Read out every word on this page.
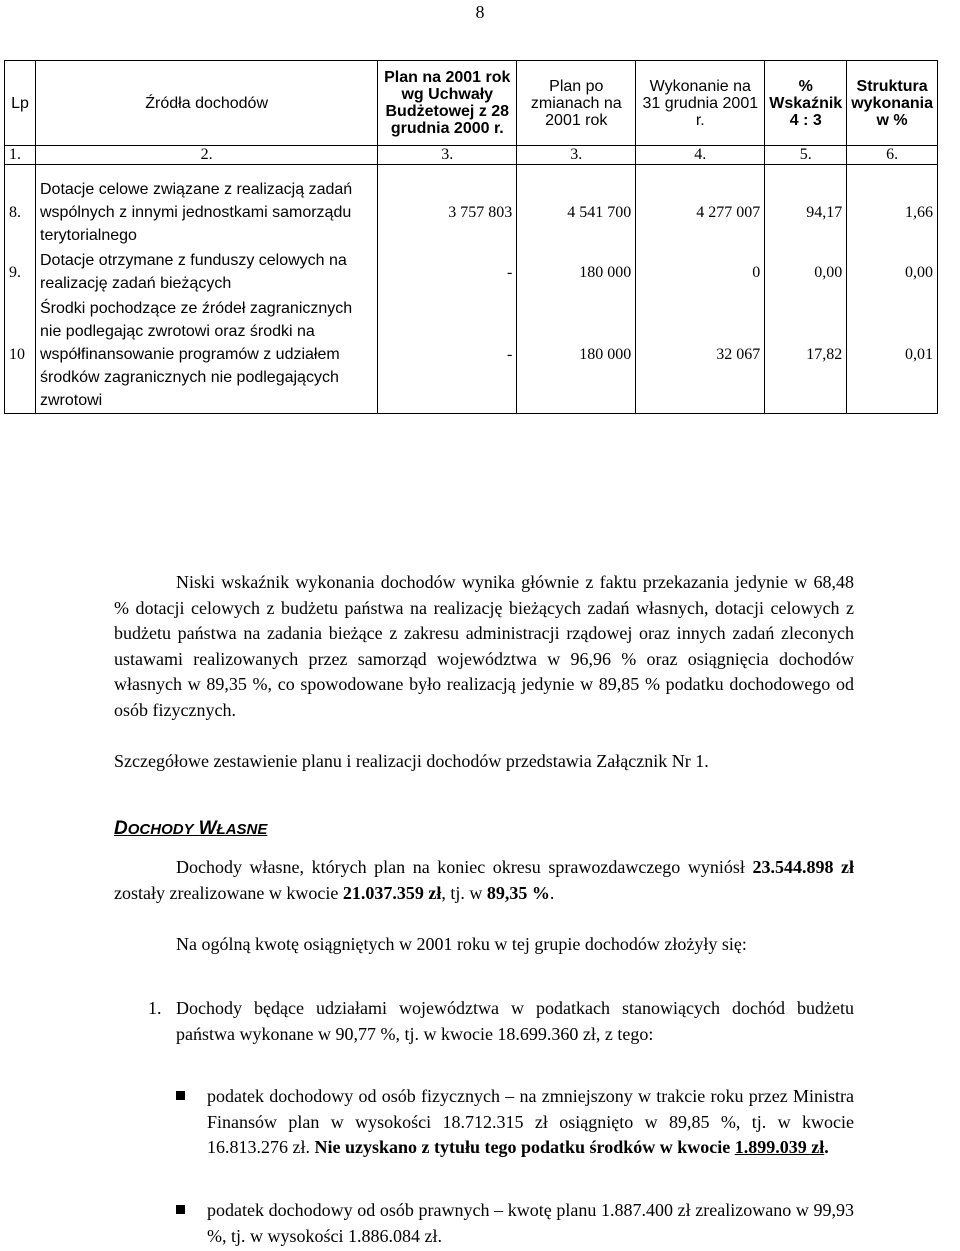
8
Lp	Źródła dochodów	Plan na 2001 rok wg Uchwały Budżetowej z 28 grudnia 2000 r.	Plan po zmianach na 2001 rok	Wykonanie na 31 grudnia 2001 r.	% Wskaźnik 4 : 3	Struktura wykonania w %
1.	2.	3.	3.	4.	5.	6.

8.	Dotacje celowe związane z realizacją zadań wspólnych z innymi jednostkami samorządu terytorialnego	3 757 803	4 541 700	4 277 007	94,17	1,66
9.	Dotacje otrzymane z funduszy celowych na realizację zadań bieżących	-	180 000	0	0,00	0,00
10	Środki pochodzące ze źródeł zagranicznych nie podlegając zwrotowi oraz środki na współfinansowanie programów z udziałem środków zagranicznych nie podlegających zwrotowi	-	180 000	32 067	17,82	0,01
Niski wskaźnik wykonania dochodów wynika głównie z faktu przekazania jedynie w 68,48 % dotacji celowych z budżetu państwa na realizację bieżących zadań własnych, dotacji celowych z budżetu państwa na zadania bieżące z zakresu administracji rządowej oraz innych zadań zleconych ustawami realizowanych przez samorząd województwa w 96,96 % oraz osiągnięcia dochodów własnych w 89,35 %, co spowodowane było realizacją jedynie w 89,85 % podatku dochodowego od osób fizycznych.
Szczegółowe zestawienie planu i realizacji dochodów przedstawia Załącznik Nr 1.
DOCHODY WŁASNE
Dochody własne, których plan na koniec okresu sprawozdawczego wyniósł 23.544.898 zł zostały zrealizowane w kwocie 21.037.359 zł, tj. w 89,35 %.
Na ogólną kwotę osiągniętych w 2001 roku w tej grupie dochodów złożyły się:
1. Dochody będące udziałami województwa w podatkach stanowiących dochód budżetu państwa wykonane w 90,77 %, tj. w kwocie 18.699.360 zł, z tego:
podatek dochodowy od osób fizycznych – na zmniejszony w trakcie roku przez Ministra Finansów plan w wysokości 18.712.315 zł osiągnięto w 89,85 %, tj. w kwocie 16.813.276 zł. Nie uzyskano z tytułu tego podatku środków w kwocie 1.899.039 zł.
podatek dochodowy od osób prawnych – kwotę planu 1.887.400 zł zrealizowano w 99,93 %, tj. w wysokości 1.886.084 zł.
